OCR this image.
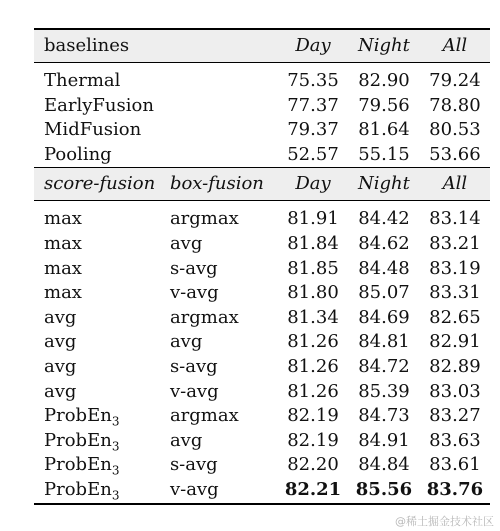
baselines		Day	Night	All
Thermal		75.35	82.90	79.24
EarlyFusion		77.37	79.56	78.80
MidFusion		79.37	81.64	80.53
Pooling		52.57	55.15	53.66
score-fusion	box-fusion	Day	Night	All
max	argmax	81.91	84.42	83.14
max	avg	81.84	84.62	83.21
max	s-avg	81.85	84.48	83.19
max	v-avg	81.80	85.07	83.31
avg	argmax	81.34	84.69	82.65
avg	avg	81.26	84.81	82.91
avg	s-avg	81.26	84.72	82.89
avg	v-avg	81.26	85.39	83.03
ProbEn$_3$	argmax	82.19	84.73	83.27
ProbEn$_3$	avg	82.19	84.91	83.63
ProbEn$_3$	s-avg	82.20	84.84	83.61
ProbEn$_3$	v-avg	82.21	85.56	83.76
@稀土掘金技术社区
